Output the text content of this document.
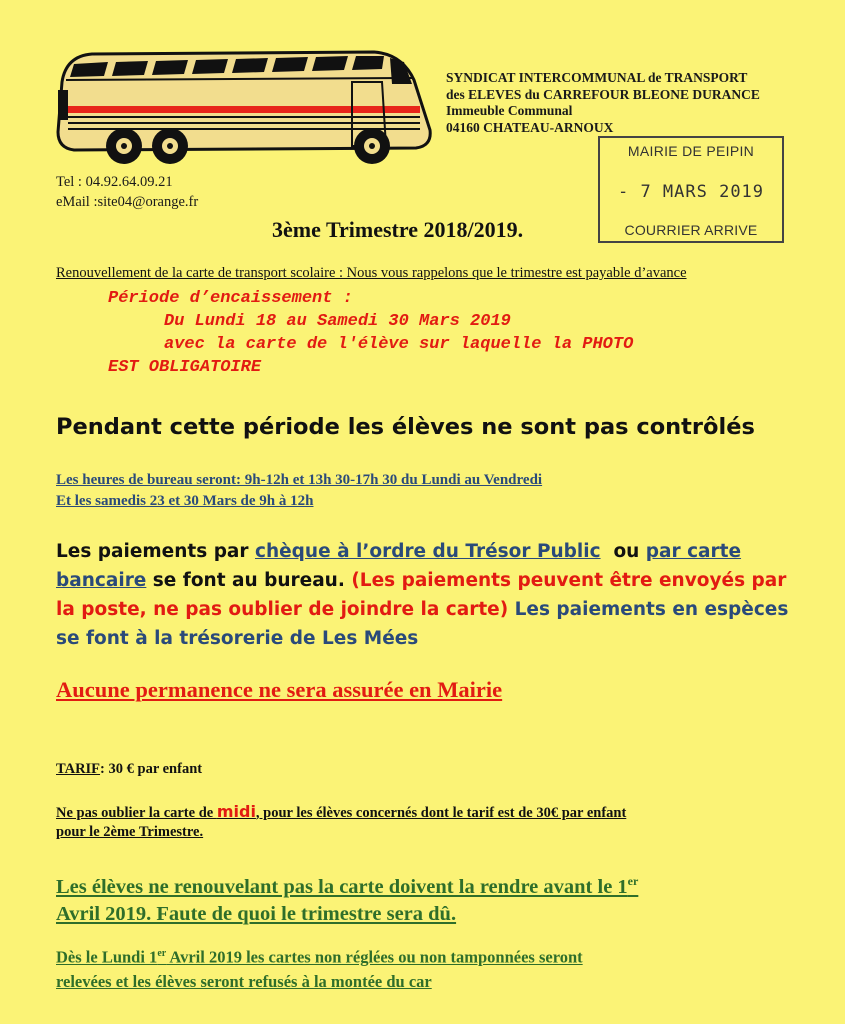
SYNDICAT INTERCOMMUNAL de TRANSPORT
des ELEVES du CARREFOUR BLEONE DURANCE
Immeuble Communal
04160 CHATEAU-ARNOUX
MAIRIE DE PEIPIN
- 7 MARS 2019
COURRIER ARRIVE
Tel : 04.92.64.09.21
eMail :site04@orange.fr
3ème Trimestre 2018/2019.
Renouvellement de la carte de transport scolaire : Nous vous rappelons que le trimestre est payable d’avance
Période d’encaissement :
Du Lundi 18 au Samedi 30 Mars 2019
avec la carte de l'élève sur laquelle la PHOTO
EST OBLIGATOIRE
Pendant cette période les élèves ne sont pas contrôlés
Les heures de bureau seront: 9h-12h et 13h 30-17h 30 du Lundi au Vendredi
Et les samedis 23 et 30 Mars de 9h à 12h
Les paiements par chèque à l’ordre du Trésor Public  ou par carte
bancaire se font au bureau. (Les paiements peuvent être envoyés par
la poste, ne pas oublier de joindre la carte) Les paiements en espèces
se font à la trésorerie de Les Mées
Aucune permanence ne sera assurée en Mairie
TARIF: 30 € par enfant
Ne pas oublier la carte de midi, pour les élèves concernés dont le tarif est de 30€ par enfant
pour le 2ème Trimestre.
Les élèves ne renouvelant pas la carte doivent la rendre avant le 1er
Avril 2019. Faute de quoi le trimestre sera dû.
Dès le Lundi 1er Avril 2019 les cartes non réglées ou non tamponnées seront
relevées et les élèves seront refusés à la montée du car
